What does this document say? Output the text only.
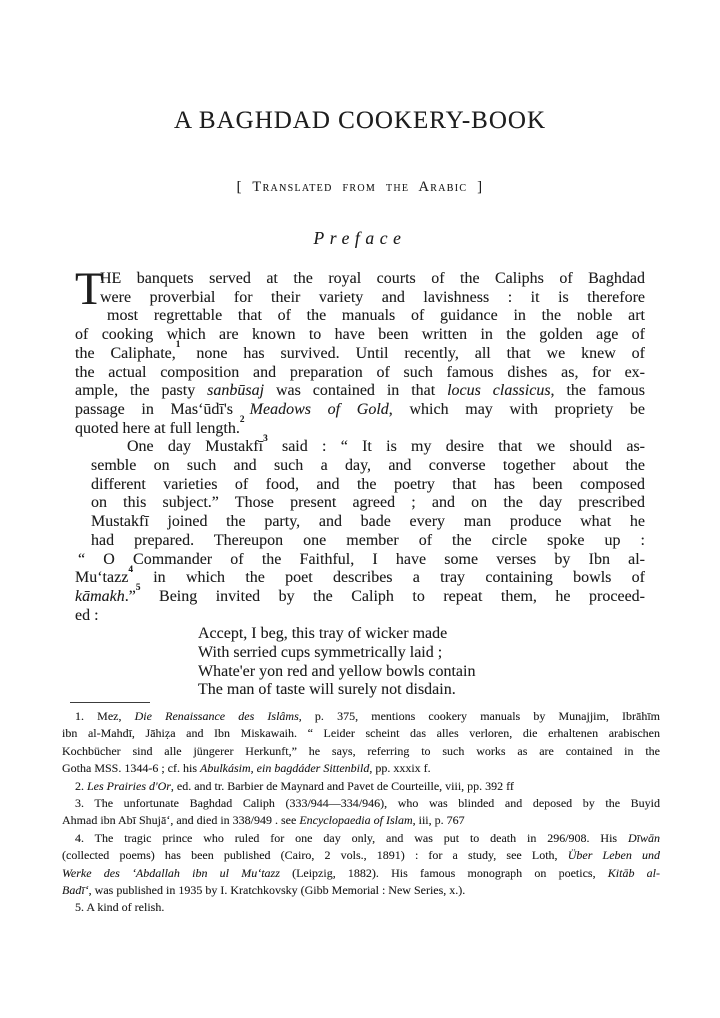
A BAGHDAD COOKERY-BOOK
[ Translated from the Arabic ]
Preface
T
HE banquets served at the royal courts of the Caliphs of Baghdad
were proverbial for their variety and lavishness : it is therefore
most regrettable that of the manuals of guidance in the noble art
of cooking which are known to have been written in the golden age of
the Caliphate,$^1$ none has survived. Until recently, all that we knew of
the actual composition and preparation of such famous dishes as, for ex-
ample, the pasty sanbūsaj was contained in that locus classicus, the famous
passage in Mas‘ūdī's Meadows of Gold, which may with propriety be
quoted here at full length.$^2$
One day Mustakfī$^3$ said : “ It is my desire that we should as-
semble on such and such a day, and converse together about the
different varieties of food, and the poetry that has been composed
on this subject.” Those present agreed ; and on the day prescribed
Mustakfī joined the party, and bade every man produce what he
had prepared. Thereupon one member of the circle spoke up :
“ O Commander of the Faithful, I have some verses by Ibn al-
Mu‘tazz$^4$ in which the poet describes a tray containing bowls of
kāmakh.”$^5$ Being invited by the Caliph to repeat them, he proceed-
ed :
Accept, I beg, this tray of wicker made
With serried cups symmetrically laid ;
Whate'er yon red and yellow bowls contain
The man of taste will surely not disdain.
1. Mez, Die Renaissance des Islâms, p. 375, mentions cookery manuals by Munajjim, Ibrāhīm
ibn al-Mahdī, Jāhiẓa and Ibn Miskawaih. “ Leider scheint das alles verloren, die erhaltenen arabischen
Kochbücher sind alle jüngerer Herkunft,” he says, referring to such works as are contained in the
Gotha MSS. 1344-6 ; cf. his Abulkásim, ein bagdáder Sittenbild, pp. xxxix f.
2. Les Prairies d'Or, ed. and tr. Barbier de Maynard and Pavet de Courteille, viii, pp. 392 ff
3. The unfortunate Baghdad Caliph (333/944—334/946), who was blinded and deposed by the Buyid
Ahmad ibn Abī Shujā‘, and died in 338/949 . see Encyclopaedia of Islam, iii, p. 767
4. The tragic prince who ruled for one day only, and was put to death in 296/908. His Dīwān
(collected poems) has been published (Cairo, 2 vols., 1891) : for a study, see Loth, Über Leben und
Werke des ‘Abdallah ibn ul Mu‘tazz (Leipzig, 1882). His famous monograph on poetics, Kitāb al-
Badī‘, was published in 1935 by I. Kratchkovsky (Gibb Memorial : New Series, x.).
5. A kind of relish.
